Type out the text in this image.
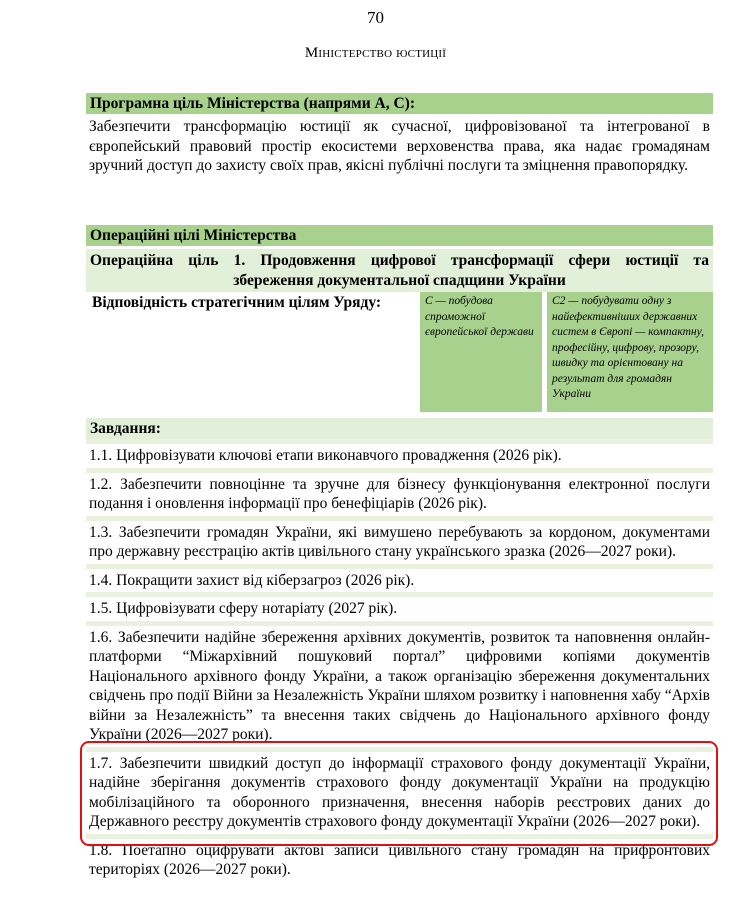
70
Міністерство юстиції
Програмна ціль Міністерства (напрями A, C):
Забезпечити трансформацію юстиції як сучасної, цифровізованої та інтегрованої в європейський правовий простір екосистеми верховенства права, яка надає громадянам зручний доступ до захисту своїх прав, якісні публічні послуги та зміцнення правопорядку.
Операційні цілі Міністерства
Операційна ціль 1. Продовження цифрової трансформації сфери юстиції та
збереження документальної спадщини України
Відповідність стратегічним цілям Уряду:	C — побудова спроможної європейської держави
C2 — побудувати одну з найефективніших державних систем в Європі — компактну, професійну, цифрову, прозору, швидку та орієнтовану на результат для громадян України
Завдання:
1.1. Цифровізувати ключові етапи виконавчого провадження (2026 рік).
1.2. Забезпечити повноцінне та зручне для бізнесу функціонування електронної послуги подання і оновлення інформації про бенефіціарів (2026 рік).
1.3. Забезпечити громадян України, які вимушено перебувають за кордоном, документами про державну реєстрацію актів цивільного стану українського зразка (2026—2027 роки).
1.4. Покращити захист від кіберзагроз (2026 рік).
1.5. Цифровізувати сферу нотаріату (2027 рік).
1.6. Забезпечити надійне збереження архівних документів, розвиток та наповнення онлайн-платформи “Міжархівний пошуковий портал” цифровими копіями документів Національного архівного фонду України, а також організацію збереження документальних свідчень про події Війни за Незалежність України шляхом розвитку і наповнення хабу “Архів війни за Незалежність” та внесення таких свідчень до Національного архівного фонду України (2026—2027 роки).
1.7. Забезпечити швидкий доступ до інформації страхового фонду документації України, надійне зберігання документів страхового фонду документації України на продукцію мобілізаційного та оборонного призначення, внесення наборів реєстрових даних до Державного реєстру документів страхового фонду документації України (2026—2027 роки).
1.8. Поетапно оцифрувати актові записи цивільного стану громадян на прифронтових територіях (2026—2027 роки).
